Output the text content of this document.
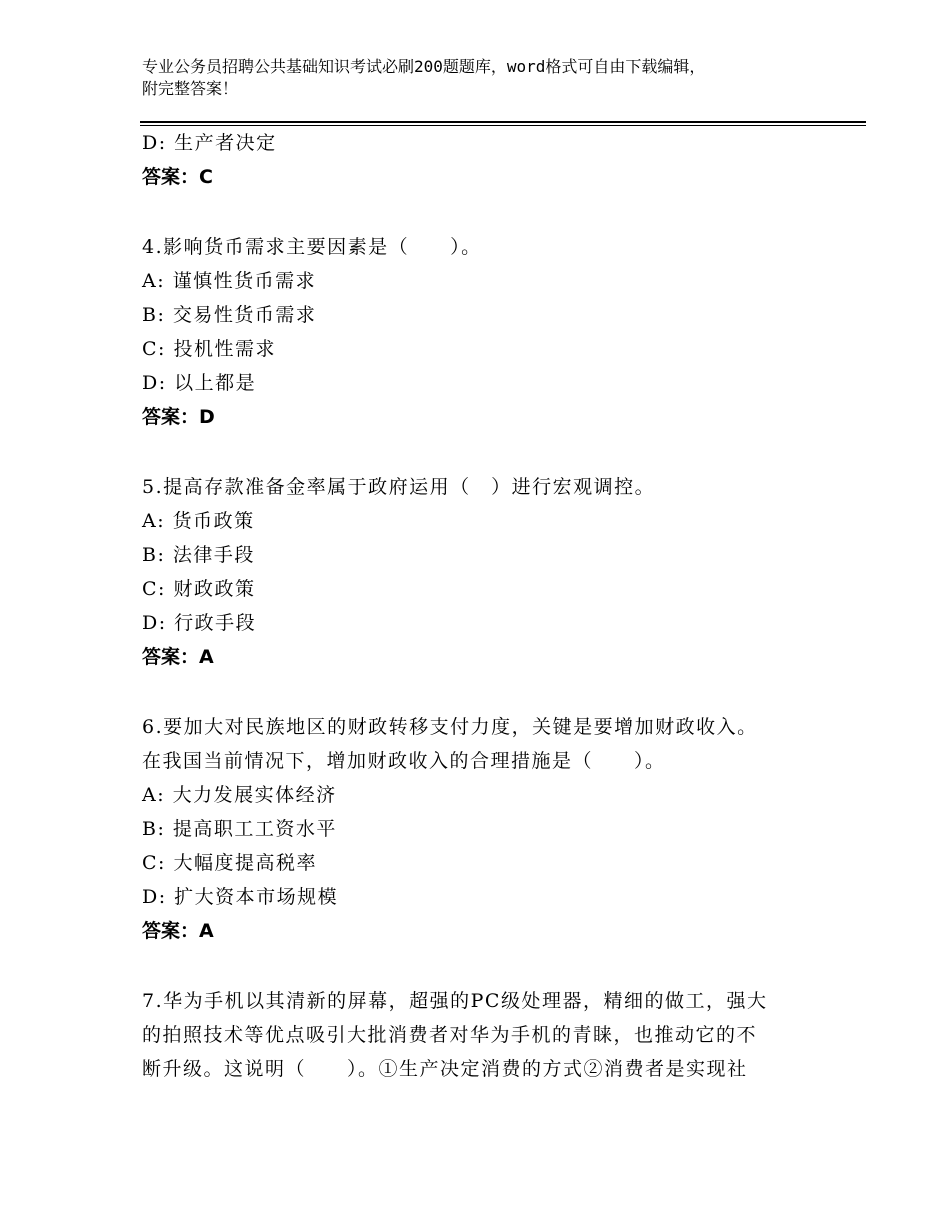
专业公务员招聘公共基础知识考试必刷200题题库，word格式可自由下载编辑，
附完整答案！
D: 生产者决定
答案：C
4.影响货币需求主要因素是（　　）。
A: 谨慎性货币需求
B: 交易性货币需求
C: 投机性需求
D: 以上都是
答案：D
5.提高存款准备金率属于政府运用（　）进行宏观调控。
A: 货币政策
B: 法律手段
C: 财政政策
D: 行政手段
答案：A
6.要加大对民族地区的财政转移支付力度，关键是要增加财政收入。
在我国当前情况下，增加财政收入的合理措施是（　　）。
A: 大力发展实体经济
B: 提高职工工资水平
C: 大幅度提高税率
D: 扩大资本市场规模
答案：A
7.华为手机以其清新的屏幕，超强的PC级处理器，精细的做工，强大
的拍照技术等优点吸引大批消费者对华为手机的青睐，也推动它的不
断升级。这说明（　　）。①生产决定消费的方式②消费者是实现社
